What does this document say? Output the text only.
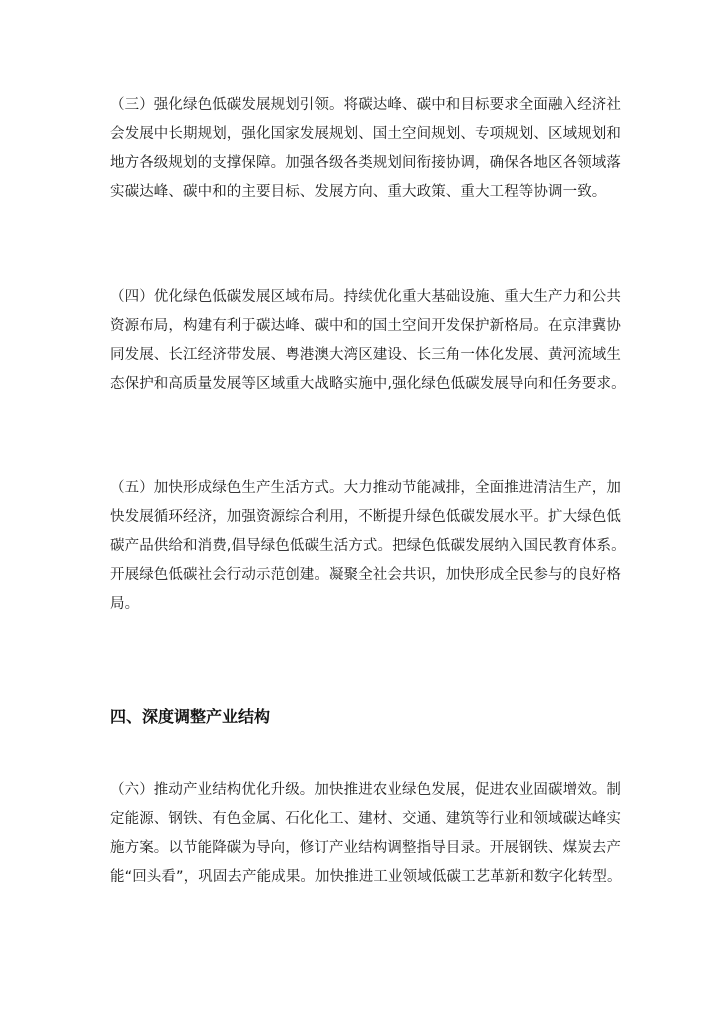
（三）强化绿色低碳发展规划引领。将碳达峰、碳中和目标要求全面融入经济社
会发展中长期规划，强化国家发展规划、国土空间规划、专项规划、区域规划和
地方各级规划的支撑保障。加强各级各类规划间衔接协调，确保各地区各领域落
实碳达峰、碳中和的主要目标、发展方向、重大政策、重大工程等协调一致。
（四）优化绿色低碳发展区域布局。持续优化重大基础设施、重大生产力和公共
资源布局，构建有利于碳达峰、碳中和的国土空间开发保护新格局。在京津冀协
同发展、长江经济带发展、粤港澳大湾区建设、长三角一体化发展、黄河流域生
态保护和高质量发展等区域重大战略实施中,强化绿色低碳发展导向和任务要求。
（五）加快形成绿色生产生活方式。大力推动节能减排，全面推进清洁生产，加
快发展循环经济，加强资源综合利用，不断提升绿色低碳发展水平。扩大绿色低
碳产品供给和消费,倡导绿色低碳生活方式。把绿色低碳发展纳入国民教育体系。
开展绿色低碳社会行动示范创建。凝聚全社会共识，加快形成全民参与的良好格
局。
四、深度调整产业结构
（六）推动产业结构优化升级。加快推进农业绿色发展，促进农业固碳增效。制
定能源、钢铁、有色金属、石化化工、建材、交通、建筑等行业和领域碳达峰实
施方案。以节能降碳为导向，修订产业结构调整指导目录。开展钢铁、煤炭去产
能“回头看”，巩固去产能成果。加快推进工业领域低碳工艺革新和数字化转型。
